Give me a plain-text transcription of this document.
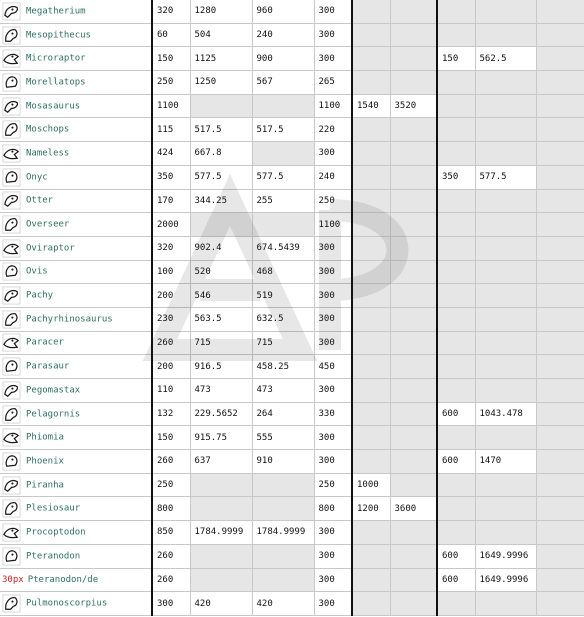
Megatherium	320	1280	960	300					
Mesopithecus	60	504	240	300					
Microraptor	150	1125	900	300			150	562.5	
Morellatops	250	1250	567	265					
Mosasaurus	1100			1100	1540	3520			
Moschops	115	517.5	517.5	220					
Nameless	424	667.8		300					
Onyc	350	577.5	577.5	240			350	577.5	
Otter	170	344.25	255	250					
Overseer	2000			1100					
Oviraptor	320	902.4	674.5439	300					
Ovis	100	520	468	300					
Pachy	200	546	519	300					
Pachyrhinosaurus	230	563.5	632.5	300					
Paracer	260	715	715	300					
Parasaur	200	916.5	458.25	450					
Pegomastax	110	473	473	300					
Pelagornis	132	229.5652	264	330			600	1043.478	
Phiomia	150	915.75	555	300					
Phoenix	260	637	910	300			600	1470	
Piranha	250			250	1000				
Plesiosaur	800			800	1200	3600			
Procoptodon	850	1784.9999	1784.9999	300					
Pteranodon	260			300			600	1649.9996	
30px Pteranodon/de	260			300			600	1649.9996	
Pulmonoscorpius	300	420	420	300					
